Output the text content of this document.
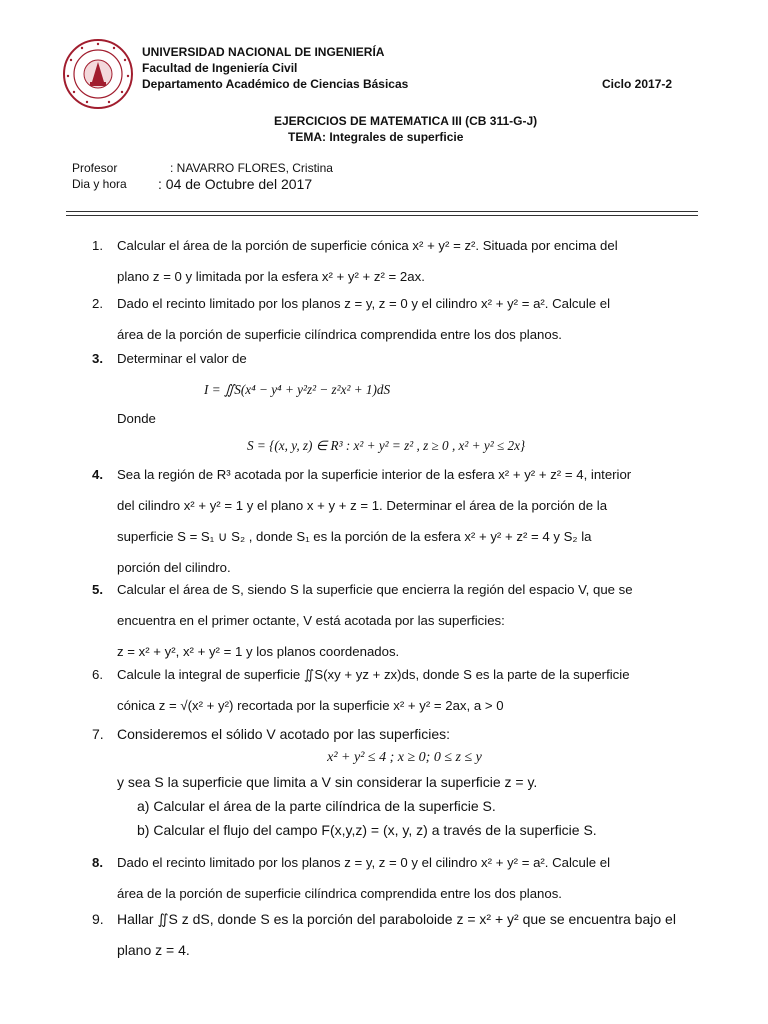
UNIVERSIDAD NACIONAL DE INGENIERÍA
Facultad de Ingeniería Civil
Departamento Académico de Ciencias Básicas	Ciclo 2017-2
EJERCICIOS DE MATEMATICA III (CB 311-G-J)
TEMA: Integrales de superficie
Profesor	: NAVARRO FLORES, Cristina
Dia y hora : 04 de Octubre del 2017
1.	Calcular el área de la porción de superficie cónica x² + y² = z². Situada por encima del
plano z = 0 y limitada por la esfera x² + y² + z² = 2ax.
2.	Dado el recinto limitado por los planos z = y, z = 0 y el cilindro x² + y² = a². Calcule el
área de la porción de superficie cilíndrica comprendida entre los dos planos.
3.	Determinar el valor de
I = ∬S(x⁴ − y⁴ + y²z² − z²x² + 1)dS
Donde
S = {(x, y, z) ∈ R³ : x² + y² = z² , z ≥ 0 , x² + y² ≤ 2x}
4.	Sea la región de R³ acotada por la superficie interior de la esfera x² + y² + z² = 4, interior
del cilindro x² + y² = 1 y el plano x + y + z = 1. Determinar el área de la porción de la
superficie S = S₁ ∪ S₂ , donde S₁ es la porción de la esfera x² + y² + z² = 4 y S₂ la
porción del cilindro.
5.	Calcular el área de S, siendo S la superficie que encierra la región del espacio V, que se
encuentra en el primer octante, V está acotada por las superficies:
z = x² + y², x² + y² = 1 y los planos coordenados.
6.	Calcule la integral de superficie ∬S(xy + yz + zx)ds, donde S es la parte de la superficie
cónica z = √(x² + y²) recortada por la superficie x² + y² = 2ax, a > 0
7. Consideremos el sólido V acotado por las superficies:
x² + y² ≤ 4 ; x ≥ 0; 0 ≤ z ≤ y
y sea S la superficie que limita a V sin considerar la superficie z = y.
a) Calcular el área de la parte cilíndrica de la superficie S.
b) Calcular el flujo del campo F(x,y,z) = (x, y, z) a través de la superficie S.
8.	Dado el recinto limitado por los planos z = y, z = 0 y el cilindro x² + y² = a². Calcule el
área de la porción de superficie cilíndrica comprendida entre los dos planos.
9. Hallar ∬S z dS, donde S es la porción del paraboloide z = x² + y² que se encuentra bajo el
plano z = 4.
